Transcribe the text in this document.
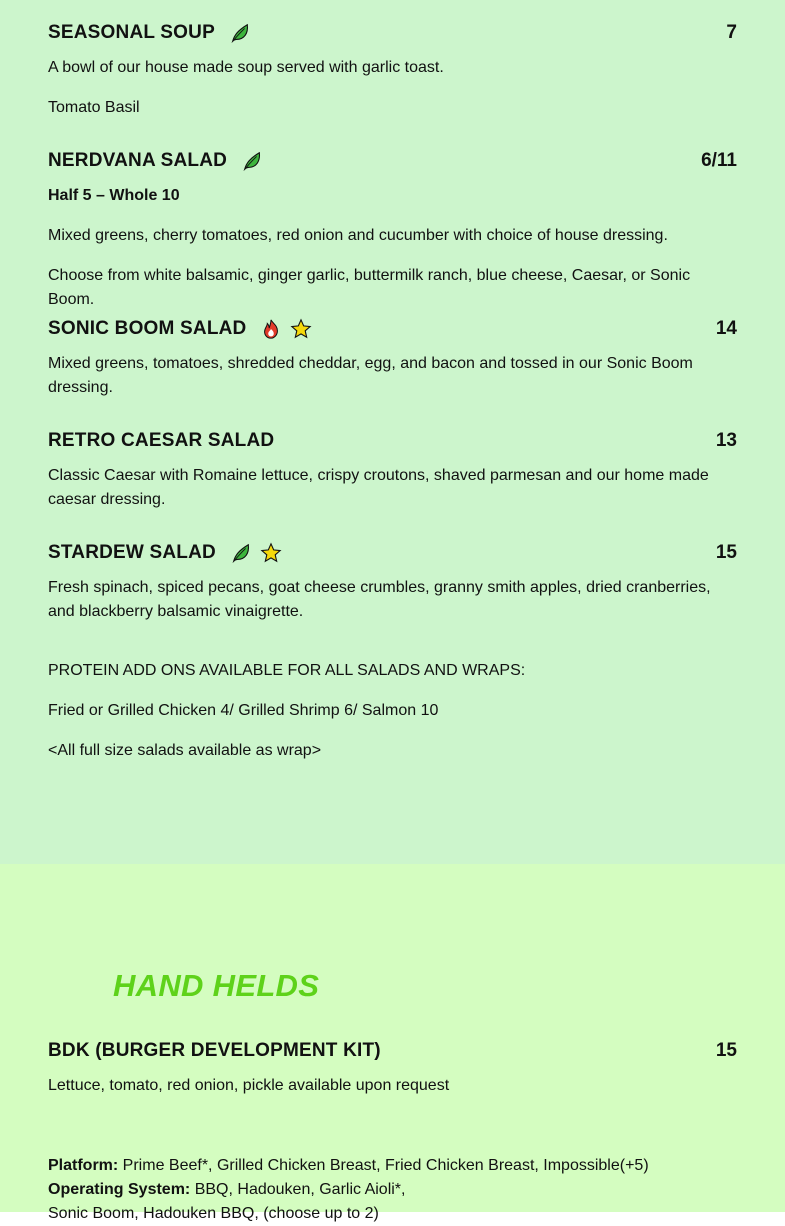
SEASONAL SOUP	7

A bowl of our house made soup served with garlic toast.

Tomato Basil

NERDVANA SALAD	6/11

Half 5 – Whole 10

Mixed greens, cherry tomatoes, red onion and cucumber with choice of house dressing.

Choose from white balsamic, ginger garlic, buttermilk ranch, blue cheese, Caesar, or Sonic Boom.

SONIC BOOM SALAD	14

Mixed greens, tomatoes, shredded cheddar, egg, and bacon and tossed in our Sonic Boom dressing.

RETRO CAESAR SALAD	13

Classic Caesar with Romaine lettuce, crispy croutons, shaved parmesan and our home made caesar dressing.

STARDEW SALAD	15

Fresh spinach, spiced pecans, goat cheese crumbles, granny smith apples, dried cranberries, and blackberry balsamic vinaigrette.

PROTEIN ADD ONS AVAILABLE FOR ALL SALADS AND WRAPS:

Fried or Grilled Chicken 4/ Grilled Shrimp 6/ Salmon 10

<All full size salads available as wrap>

HAND HELDS
BDK (BURGER DEVELOPMENT KIT)	15

Lettuce, tomato, red onion, pickle available upon request

Platform: Prime Beef*, Grilled Chicken Breast, Fried Chicken Breast, Impossible(+5)

Operating System: BBQ, Hadouken, Garlic Aioli*,

Sonic Boom, Hadouken BBQ, (choose up to 2)
